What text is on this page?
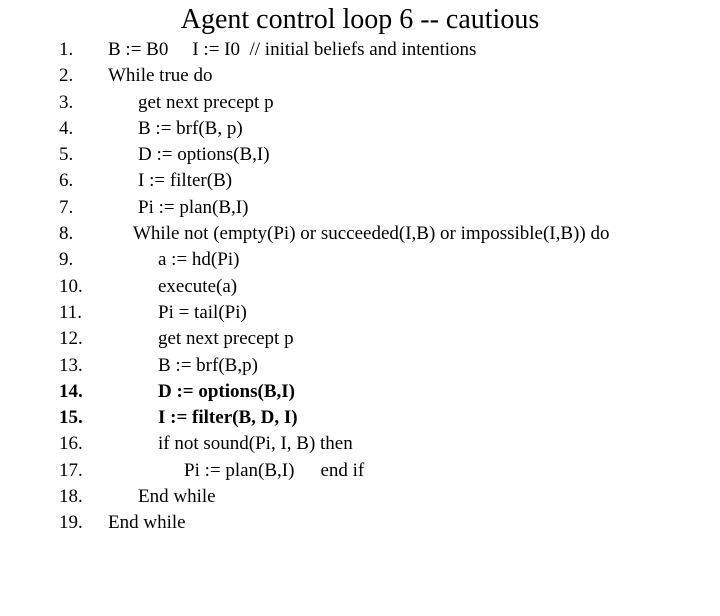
Agent control loop 6 -- cautious

1.

B := B0 I := I0  // initial beliefs and intentions

2.

While true do

3.

	get next precept p

4.

	B := brf(B, p)

5.

	D := options(B,I)

6.

	I := filter(B)

7.

	Pi := plan(B,I)

8.

	While not (empty(Pi) or succeeded(I,B) or impossible(I,B)) do

9.

	a := hd(Pi)

10.

	execute(a)

11.

	Pi = tail(Pi)

12.

	get next precept p

13.

	B := brf(B,p)

14.

	D := options(B,I)

15.

	I := filter(B, D, I)

16.

	if not sound(Pi, I, B) then

17.

	Pi := plan(B,I) end if

18.

	End while

19.

End while
